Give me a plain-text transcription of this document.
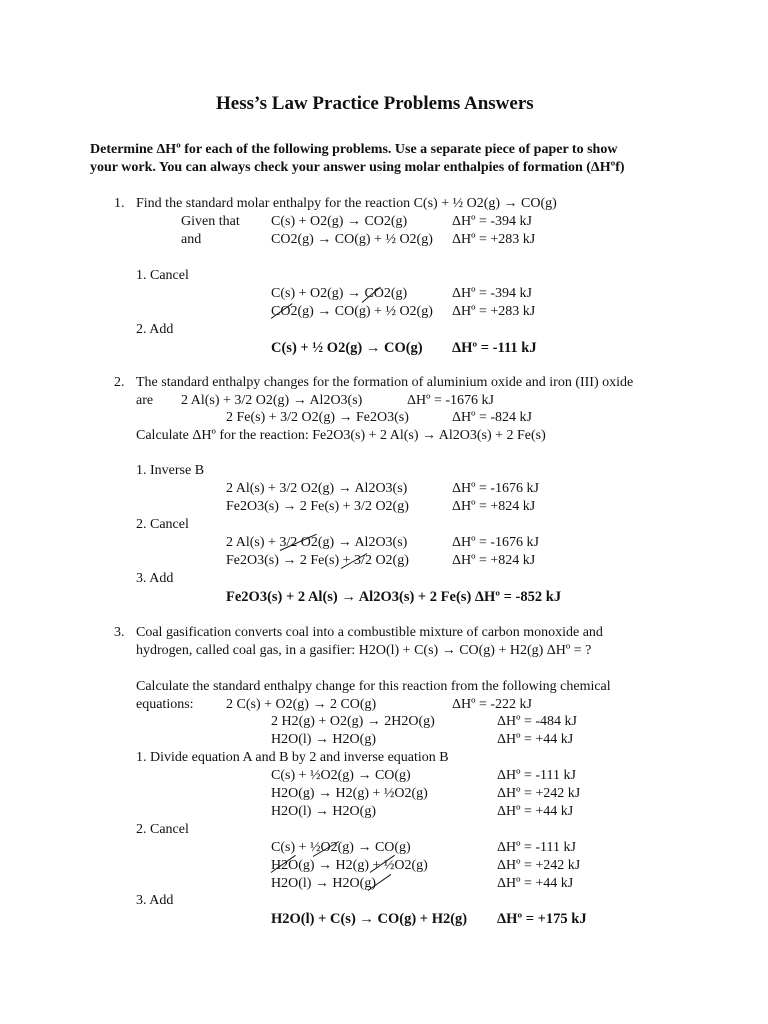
Hess’s Law Practice Problems Answers
Determine ΔHº for each of the following problems. Use a separate piece of paper to show
your work. You can always check your answer using molar enthalpies of formation (ΔHºf)
1. Find the standard molar enthalpy for the reaction C(s) + ½ O2(g) → CO(g)
Given that C(s) + O2(g) → CO2(g)	ΔHº = -394 kJ
and	CO2(g) → CO(g) + ½ O2(g) ΔHº = +283 kJ
1. Cancel
C(s) + O2(g) → CO2(g)	ΔHº = -394 kJ
CO2(g) → CO(g) + ½ O2(g) ΔHº = +283 kJ
2. Add
C(s) + ½ O2(g) → CO(g) ΔHº = -111 kJ
2. The standard enthalpy changes for the formation of aluminium oxide and iron (III) oxide
are 2 Al(s) + 3/2 O2(g) → Al2O3(s)	ΔHº = -1676 kJ
2 Fe(s) + 3/2 O2(g) → Fe2O3(s)	ΔHº = -824 kJ
Calculate ΔHº for the reaction: Fe2O3(s) + 2 Al(s) → Al2O3(s) + 2 Fe(s)
1. Inverse B
2 Al(s) + 3/2 O2(g) → Al2O3(s)	ΔHº = -1676 kJ
Fe2O3(s) → 2 Fe(s) + 3/2 O2(g)	ΔHº = +824 kJ
2. Cancel
2 Al(s) + 3/2 O2(g) → Al2O3(s)	ΔHº = -1676 kJ
Fe2O3(s) → 2 Fe(s) + 3/2 O2(g)	ΔHº = +824 kJ
3. Add
Fe2O3(s) + 2 Al(s) → Al2O3(s) + 2 Fe(s) ΔHº = -852 kJ
3. Coal gasification converts coal into a combustible mixture of carbon monoxide and
hydrogen, called coal gas, in a gasifier: H2O(l) + C(s) → CO(g) + H2(g) ΔHº = ?
Calculate the standard enthalpy change for this reaction from the following chemical
equations: 2 C(s) + O2(g) → 2 CO(g)	ΔHº = -222 kJ
2 H2(g) + O2(g) → 2H2O(g)	ΔHº = -484 kJ
H2O(l) → H2O(g)	ΔHº = +44 kJ
1. Divide equation A and B by 2 and inverse equation B
C(s) + ½O2(g) → CO(g)	ΔHº = -111 kJ
H2O(g) → H2(g) + ½O2(g)	ΔHº = +242 kJ
H2O(l) → H2O(g)	ΔHº = +44 kJ
2. Cancel
C(s) + ½O2(g) → CO(g)	ΔHº = -111 kJ
H2O(g) → H2(g) + ½O2(g)	ΔHº = +242 kJ
H2O(l) → H2O(g)	ΔHº = +44 kJ
3. Add
H2O(l) + C(s) → CO(g) + H2(g) ΔHº = +175 kJ
